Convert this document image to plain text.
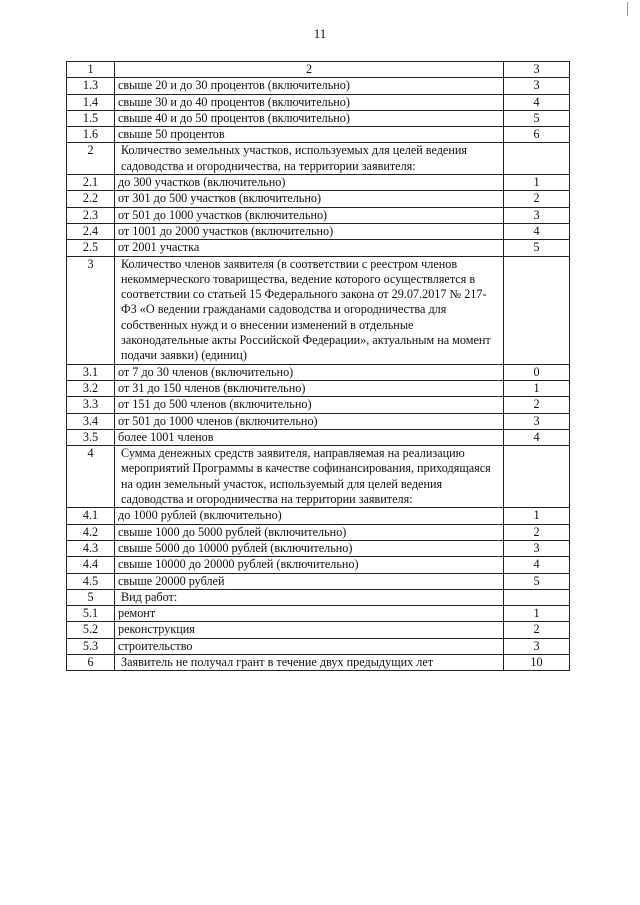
11
1	2	3
1.3	свыше 20 и до 30 процентов (включительно)	3
1.4	свыше 30 и до 40 процентов (включительно)	4
1.5	свыше 40 и до 50 процентов (включительно)	5
1.6	свыше 50 процентов	6
2	Количество земельных участков, используемых для целей ведения садоводства и огородничества, на территории заявителя:	
2.1	до 300 участков (включительно)	1
2.2	от 301 до 500 участков (включительно)	2
2.3	от 501 до 1000 участков (включительно)	3
2.4	от 1001 до 2000 участков (включительно)	4
2.5	от 2001 участка	5
3	Количество членов заявителя (в соответствии с реестром членов некоммерческого товарищества, ведение которого осуществляется в соответствии со статьей 15 Федерального закона от 29.07.2017 № 217-ФЗ «О ведении гражданами садоводства и огородничества для собственных нужд и о внесении изменений в отдельные законодательные акты Российской Федерации», актуальным на момент подачи заявки) (единиц)	
3.1	от 7 до 30 членов (включительно)	0
3.2	от 31 до 150 членов (включительно)	1
3.3	от 151 до 500 членов (включительно)	2
3.4	от 501 до 1000 членов (включительно)	3
3.5	более 1001 членов	4
4	Сумма денежных средств заявителя, направляемая на реализацию мероприятий Программы в качестве софинансирования, приходящаяся на один земельный участок, используемый для целей ведения садоводства и огородничества на территории заявителя:	
4.1	до 1000 рублей (включительно)	1
4.2	свыше 1000 до 5000 рублей (включительно)	2
4.3	свыше 5000 до 10000 рублей (включительно)	3
4.4	свыше 10000 до 20000 рублей (включительно)	4
4.5	свыше 20000 рублей	5
5	Вид работ:	
5.1	ремонт	1
5.2	реконструкция	2
5.3	строительство	3
6	Заявитель не получал грант в течение двух предыдущих лет	10
